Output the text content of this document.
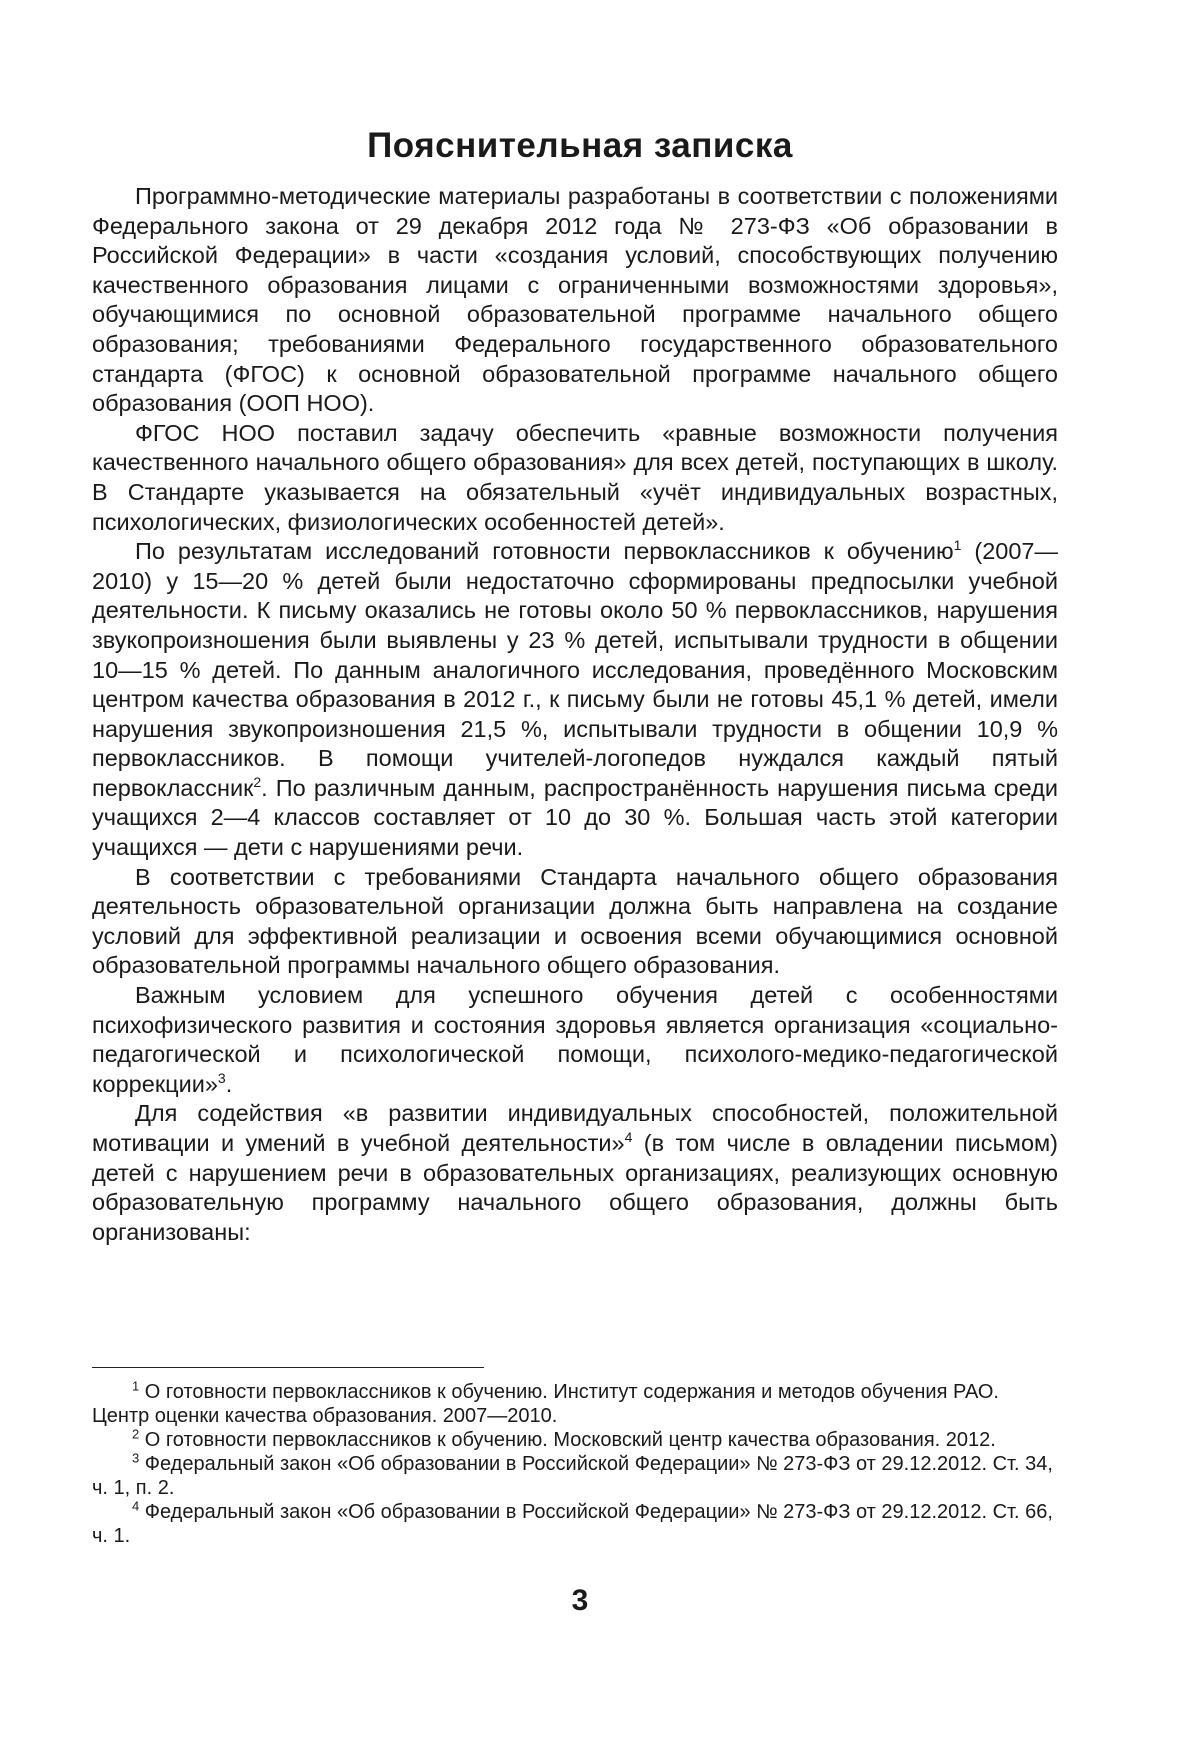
Пояснительная записка

Программно-методические материалы разработаны в соответствии с положениями Федерального закона от 29 декабря 2012 года № 273-ФЗ «Об образовании в Российской Федерации» в части «создания условий, способствующих получению качественного образования лицами с ограниченными возможностями здоровья», обучающимися по основной образовательной программе начального общего образования; требованиями Федерального государственного образовательного стандарта (ФГОС) к основной образовательной программе начального общего образования (ООП НОО).

ФГОС НОО поставил задачу обеспечить «равные возможности получения качественного начального общего образования» для всех детей, поступающих в школу. В Стандарте указывается на обязательный «учёт индивидуальных возрастных, психологических, физиологических особенностей детей».

По результатам исследований готовности первоклассников к обучению$^1$ (2007—2010) у 15—20 % детей были недостаточно сформированы предпосылки учебной деятельности. К письму оказались не готовы около 50 % первоклассников, нарушения звукопроизношения были выявлены у 23 % детей, испытывали трудности в общении 10—15 % детей. По данным аналогичного исследования, проведённого Московским центром качества образования в 2012 г., к письму были не готовы 45,1 % детей, имели нарушения звукопроизношения 21,5 %, испытывали трудности в общении 10,9 % первоклассников. В помощи учителей-логопедов нуждался каждый пятый первоклассник$^2$. По различным данным, распространённость нарушения письма среди учащихся 2—4 классов составляет от 10 до 30 %. Большая часть этой категории учащихся — дети с нарушениями речи.

В соответствии с требованиями Стандарта начального общего образования деятельность образовательной организации должна быть направлена на создание условий для эффективной реализации и освоения всеми обучающимися основной образовательной программы начального общего образования.

Важным условием для успешного обучения детей с особенностями психофизического развития и состояния здоровья является организация «социально-педагогической и психологической помощи, психолого-медико-педагогической коррекции»$^3$.

Для содействия «в развитии индивидуальных способностей, положительной мотивации и умений в учебной деятельности»$^4$ (в том числе в овладении письмом) детей с нарушением речи в образовательных организациях, реализующих основную образовательную программу начального общего образования, должны быть организованы:

$^1$ О готовности первоклассников к обучению. Институт содержания и методов обучения РАО. Центр оценки качества образования. 2007—2010.

$^2$ О готовности первоклассников к обучению. Московский центр качества образования. 2012.

$^3$ Федеральный закон «Об образовании в Российской Федерации» № 273-ФЗ от 29.12.2012. Ст. 34, ч. 1, п. 2.

$^4$ Федеральный закон «Об образовании в Российской Федерации» № 273-ФЗ от 29.12.2012. Ст. 66, ч. 1.

3
